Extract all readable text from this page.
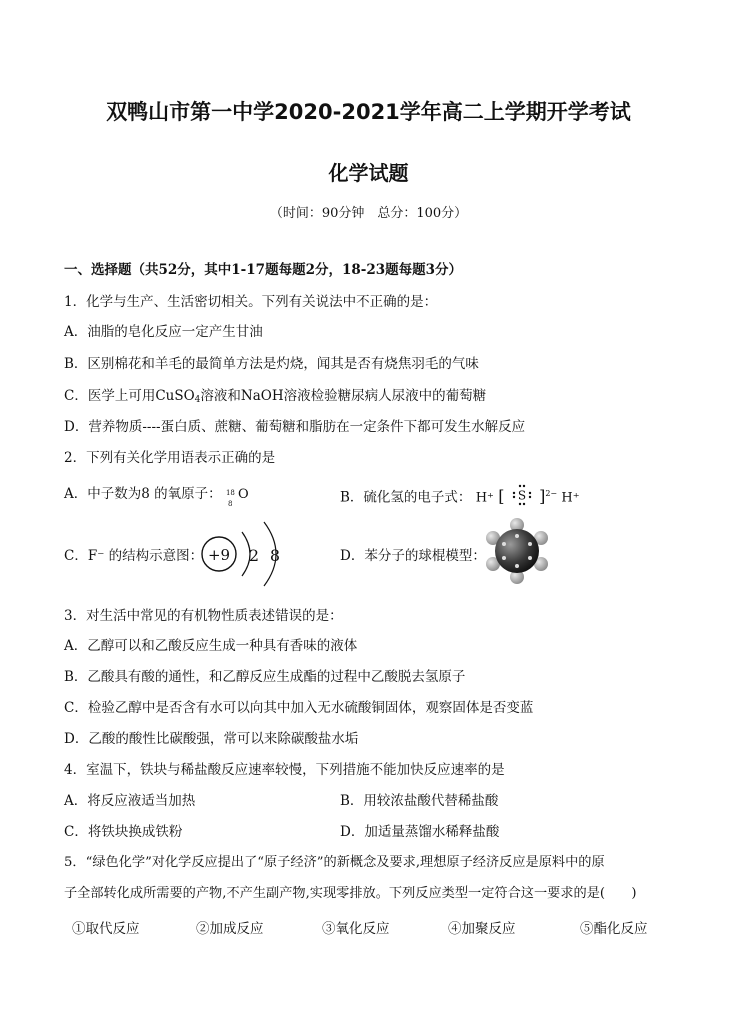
双鸭山市第一中学2020-2021学年高二上学期开学考试
化学试题
（时间：90分钟　总分：100分）
一、选择题（共52分，其中1-17题每题2分，18-23题每题3分）
1．化学与生产、生活密切相关。下列有关说法中不正确的是：
A．油脂的皂化反应一定产生甘油
B．区别棉花和羊毛的最简单方法是灼烧，闻其是否有烧焦羽毛的气味
C．医学上可用CuSO$_4$溶液和NaOH溶液检验糖尿病人尿液中的葡萄糖
D．营养物质----蛋白质、蔗糖、葡萄糖和脂肪在一定条件下都可发生水解反应
2．下列有关化学用语表示正确的是
A．中子数为8 的氧原子： 18
8
O	B．硫化氢的电子式： H⁺ [ S ]$^{2-}$ H⁺
C．F⁻ 的结构示意图： +9 2 8	D．苯分子的球棍模型：
3．对生活中常见的有机物性质表述错误的是：
A．乙醇可以和乙酸反应生成一种具有香味的液体
B．乙酸具有酸的通性，和乙醇反应生成酯的过程中乙酸脱去氢原子
C．检验乙醇中是否含有水可以向其中加入无水硫酸铜固体，观察固体是否变蓝
D．乙酸的酸性比碳酸强，常可以来除碳酸盐水垢
4．室温下，铁块与稀盐酸反应速率较慢，下列措施不能加快反应速率的是
A．将反应液适当加热	B．用较浓盐酸代替稀盐酸
C．将铁块换成铁粉	D．加适量蒸馏水稀释盐酸
5．“绿色化学”对化学反应提出了“原子经济”的新概念及要求,理想原子经济反应是原料中的原
子全部转化成所需要的产物,不产生副产物,实现零排放。下列反应类型一定符合这一要求的是(　　)
①取代反应	②加成反应	③氧化反应	④加聚反应	⑤酯化反应
